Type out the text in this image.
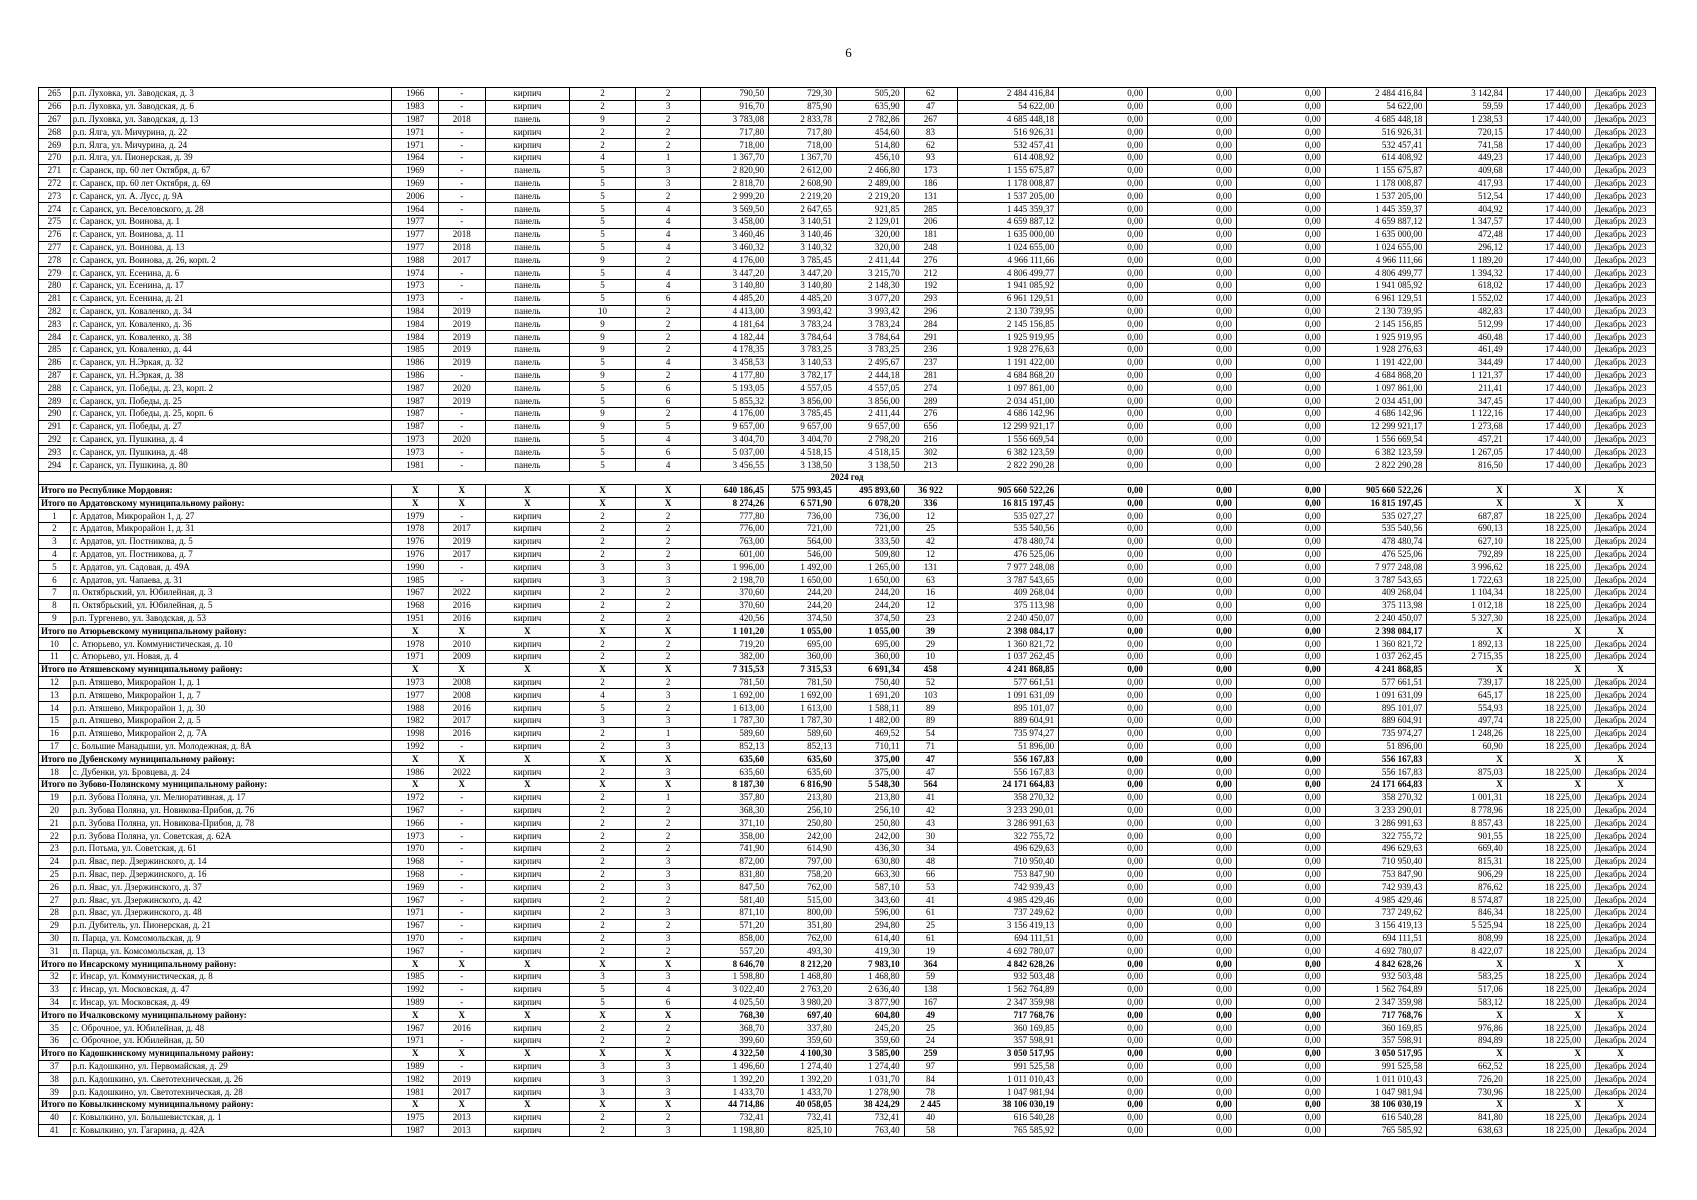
6
265	р.п. Луховка, ул. Заводская, д. 3	1966	-	кирпич	2	2	790,50	729,30	505,20	62	2 484 416,84	0,00	0,00	0,00	2 484 416,84	3 142,84	17 440,00	Декабрь 2023
266	р.п. Луховка, ул. Заводская, д. 6	1983	-	кирпич	2	3	916,70	875,90	635,90	47	54 622,00	0,00	0,00	0,00	54 622,00	59,59	17 440,00	Декабрь 2023
267	р.п. Луховка, ул. Заводская, д. 13	1987	2018	панель	9	2	3 783,08	2 833,78	2 782,86	267	4 685 448,18	0,00	0,00	0,00	4 685 448,18	1 238,53	17 440,00	Декабрь 2023
268	р.п. Ялга, ул. Мичурина, д. 22	1971	-	кирпич	2	2	717,80	717,80	454,60	83	516 926,31	0,00	0,00	0,00	516 926,31	720,15	17 440,00	Декабрь 2023
269	р.п. Ялга, ул. Мичурина, д. 24	1971	-	кирпич	2	2	718,00	718,00	514,80	62	532 457,41	0,00	0,00	0,00	532 457,41	741,58	17 440,00	Декабрь 2023
270	р.п. Ялга, ул. Пионерская, д. 39	1964	-	кирпич	4	1	1 367,70	1 367,70	456,10	93	614 408,92	0,00	0,00	0,00	614 408,92	449,23	17 440,00	Декабрь 2023
271	г. Саранск, пр. 60 лет Октября, д. 67	1969	-	панель	5	3	2 820,90	2 612,00	2 466,80	173	1 155 675,87	0,00	0,00	0,00	1 155 675,87	409,68	17 440,00	Декабрь 2023
272	г. Саранск, пр. 60 лет Октября, д. 69	1969	-	панель	5	3	2 818,70	2 608,90	2 489,00	186	1 178 008,87	0,00	0,00	0,00	1 178 008,87	417,93	17 440,00	Декабрь 2023
273	г. Саранск, ул. А. Лусс, д. 9А	2006	-	панель	5	2	2 999,20	2 219,20	2 219,20	131	1 537 205,00	0,00	0,00	0,00	1 537 205,00	512,54	17 440,00	Декабрь 2023
274	г. Саранск, ул. Веселовского, д. 28	1964	-	панель	5	4	3 569,50	2 647,65	921,85	285	1 445 359,37	0,00	0,00	0,00	1 445 359,37	404,92	17 440,00	Декабрь 2023
275	г. Саранск, ул. Воинова, д. 1	1977	-	панель	5	4	3 458,00	3 140,51	2 129,01	206	4 659 887,12	0,00	0,00	0,00	4 659 887,12	1 347,57	17 440,00	Декабрь 2023
276	г. Саранск, ул. Воинова, д. 11	1977	2018	панель	5	4	3 460,46	3 140,46	320,00	181	1 635 000,00	0,00	0,00	0,00	1 635 000,00	472,48	17 440,00	Декабрь 2023
277	г. Саранск, ул. Воинова, д. 13	1977	2018	панель	5	4	3 460,32	3 140,32	320,00	248	1 024 655,00	0,00	0,00	0,00	1 024 655,00	296,12	17 440,00	Декабрь 2023
278	г. Саранск, ул. Воинова, д. 26, корп. 2	1988	2017	панель	9	2	4 176,00	3 785,45	2 411,44	276	4 966 111,66	0,00	0,00	0,00	4 966 111,66	1 189,20	17 440,00	Декабрь 2023
279	г. Саранск, ул. Есенина, д. 6	1974	-	панель	5	4	3 447,20	3 447,20	3 215,70	212	4 806 499,77	0,00	0,00	0,00	4 806 499,77	1 394,32	17 440,00	Декабрь 2023
280	г. Саранск, ул. Есенина, д. 17	1973	-	панель	5	4	3 140,80	3 140,80	2 148,30	192	1 941 085,92	0,00	0,00	0,00	1 941 085,92	618,02	17 440,00	Декабрь 2023
281	г. Саранск, ул. Есенина, д. 21	1973	-	панель	5	6	4 485,20	4 485,20	3 077,20	293	6 961 129,51	0,00	0,00	0,00	6 961 129,51	1 552,02	17 440,00	Декабрь 2023
282	г. Саранск, ул. Коваленко, д. 34	1984	2019	панель	10	2	4 413,00	3 993,42	3 993,42	296	2 130 739,95	0,00	0,00	0,00	2 130 739,95	482,83	17 440,00	Декабрь 2023
283	г. Саранск, ул. Коваленко, д. 36	1984	2019	панель	9	2	4 181,64	3 783,24	3 783,24	284	2 145 156,85	0,00	0,00	0,00	2 145 156,85	512,99	17 440,00	Декабрь 2023
284	г. Саранск, ул. Коваленко, д. 38	1984	2019	панель	9	2	4 182,44	3 784,64	3 784,64	291	1 925 919,95	0,00	0,00	0,00	1 925 919,95	460,48	17 440,00	Декабрь 2023
285	г. Саранск, ул. Коваленко, д. 44	1985	2019	панель	9	2	4 178,35	3 783,25	3 783,25	236	1 928 276,63	0,00	0,00	0,00	1 928 276,63	461,49	17 440,00	Декабрь 2023
286	г. Саранск, ул. Н.Эркая, д. 32	1986	2019	панель	5	4	3 458,53	3 140,53	2 495,67	237	1 191 422,00	0,00	0,00	0,00	1 191 422,00	344,49	17 440,00	Декабрь 2023
287	г. Саранск, ул. Н.Эркая, д. 38	1986	-	панель	9	2	4 177,80	3 782,17	2 444,18	281	4 684 868,20	0,00	0,00	0,00	4 684 868,20	1 121,37	17 440,00	Декабрь 2023
288	г. Саранск, ул. Победы, д. 23, корп. 2	1987	2020	панель	5	6	5 193,05	4 557,05	4 557,05	274	1 097 861,00	0,00	0,00	0,00	1 097 861,00	211,41	17 440,00	Декабрь 2023
289	г. Саранск, ул. Победы, д. 25	1987	2019	панель	5	6	5 855,32	3 856,00	3 856,00	289	2 034 451,00	0,00	0,00	0,00	2 034 451,00	347,45	17 440,00	Декабрь 2023
290	г. Саранск, ул. Победы, д. 25, корп. 6	1987	-	панель	9	2	4 176,00	3 785,45	2 411,44	276	4 686 142,96	0,00	0,00	0,00	4 686 142,96	1 122,16	17 440,00	Декабрь 2023
291	г. Саранск, ул. Победы, д. 27	1987	-	панель	9	5	9 657,00	9 657,00	9 657,00	656	12 299 921,17	0,00	0,00	0,00	12 299 921,17	1 273,68	17 440,00	Декабрь 2023
292	г. Саранск, ул. Пушкина, д. 4	1973	2020	панель	5	4	3 404,70	3 404,70	2 798,20	216	1 556 669,54	0,00	0,00	0,00	1 556 669,54	457,21	17 440,00	Декабрь 2023
293	г. Саранск, ул. Пушкина, д. 48	1973	-	панель	5	6	5 037,00	4 518,15	4 518,15	302	6 382 123,59	0,00	0,00	0,00	6 382 123,59	1 267,05	17 440,00	Декабрь 2023
294	г. Саранск, ул. Пушкина, д. 80	1981	-	панель	5	4	3 456,55	3 138,50	3 138,50	213	2 822 290,28	0,00	0,00	0,00	2 822 290,28	816,50	17 440,00	Декабрь 2023
2024 год																		
Итого по Республике Мордовия:		X	X	X	X	X	640 186,45	575 993,45	495 893,60	36 922	905 660 522,26	0,00	0,00	0,00	905 660 522,26	X	X	X
Итого по Ардатовскому муниципальному району:		X	X	X	X	X	8 274,26	6 571,90	6 078,20	336	16 815 197,45	0,00	0,00	0,00	16 815 197,45	X	X	X
1	г. Ардатов, Микрорайон 1, д. 27	1979	-	кирпич	2	2	777,80	736,00	736,00	12	535 027,27	0,00	0,00	0,00	535 027,27	687,87	18 225,00	Декабрь 2024
2	г. Ардатов, Микрорайон 1, д. 31	1978	2017	кирпич	2	2	776,00	721,00	721,00	25	535 540,56	0,00	0,00	0,00	535 540,56	690,13	18 225,00	Декабрь 2024
3	г. Ардатов, ул. Постникова, д. 5	1976	2019	кирпич	2	2	763,00	564,00	333,50	42	478 480,74	0,00	0,00	0,00	478 480,74	627,10	18 225,00	Декабрь 2024
4	г. Ардатов, ул. Постникова, д. 7	1976	2017	кирпич	2	2	601,00	546,00	509,80	12	476 525,06	0,00	0,00	0,00	476 525,06	792,89	18 225,00	Декабрь 2024
5	г. Ардатов, ул. Садовая, д. 49А	1990	-	кирпич	3	3	1 996,00	1 492,00	1 265,00	131	7 977 248,08	0,00	0,00	0,00	7 977 248,08	3 996,62	18 225,00	Декабрь 2024
6	г. Ардатов, ул. Чапаева, д. 31	1985	-	кирпич	3	3	2 198,70	1 650,00	1 650,00	63	3 787 543,65	0,00	0,00	0,00	3 787 543,65	1 722,63	18 225,00	Декабрь 2024
7	п. Октябрьский, ул. Юбилейная, д. 3	1967	2022	кирпич	2	2	370,60	244,20	244,20	16	409 268,04	0,00	0,00	0,00	409 268,04	1 104,34	18 225,00	Декабрь 2024
8	п. Октябрьский, ул. Юбилейная, д. 5	1968	2016	кирпич	2	2	370,60	244,20	244,20	12	375 113,98	0,00	0,00	0,00	375 113,98	1 012,18	18 225,00	Декабрь 2024
9	р.п. Тургенево, ул. Заводская, д. 53	1951	2016	кирпич	2	2	420,56	374,50	374,50	23	2 240 450,07	0,00	0,00	0,00	2 240 450,07	5 327,30	18 225,00	Декабрь 2024
Итого по Атюрьевскому муниципальному району:		X	X	X	X	X	1 101,20	1 055,00	1 055,00	39	2 398 084,17	0,00	0,00	0,00	2 398 084,17	X	X	X
10	с. Атюрьево, ул. Коммунистическая, д. 10	1978	2010	кирпич	2	2	719,20	695,00	695,00	29	1 360 821,72	0,00	0,00	0,00	1 360 821,72	1 892,13	18 225,00	Декабрь 2024
11	с. Атюрьево, ул. Новая, д. 4	1971	2009	кирпич	2	2	382,00	360,00	360,00	10	1 037 262,45	0,00	0,00	0,00	1 037 262,45	2 715,35	18 225,00	Декабрь 2024
Итого по Атяшевскому муниципальному району:		X	X	X	X	X	7 315,53	7 315,53	6 691,34	458	4 241 868,85	0,00	0,00	0,00	4 241 868,85	X	X	X
12	р.п. Атяшево, Микрорайон 1, д. 1	1973	2008	кирпич	2	2	781,50	781,50	750,40	52	577 661,51	0,00	0,00	0,00	577 661,51	739,17	18 225,00	Декабрь 2024
13	р.п. Атяшево, Микрорайон 1, д. 7	1977	2008	кирпич	4	3	1 692,00	1 692,00	1 691,20	103	1 091 631,09	0,00	0,00	0,00	1 091 631,09	645,17	18 225,00	Декабрь 2024
14	р.п. Атяшево, Микрорайон 1, д. 30	1988	2016	кирпич	5	2	1 613,00	1 613,00	1 588,11	89	895 101,07	0,00	0,00	0,00	895 101,07	554,93	18 225,00	Декабрь 2024
15	р.п. Атяшево, Микрорайон 2, д. 5	1982	2017	кирпич	3	3	1 787,30	1 787,30	1 482,00	89	889 604,91	0,00	0,00	0,00	889 604,91	497,74	18 225,00	Декабрь 2024
16	р.п. Атяшево, Микрорайон 2, д. 7А	1998	2016	кирпич	2	1	589,60	589,60	469,52	54	735 974,27	0,00	0,00	0,00	735 974,27	1 248,26	18 225,00	Декабрь 2024
17	с. Большие Манадыши, ул. Молодежная, д. 8А	1992	-	кирпич	2	3	852,13	852,13	710,11	71	51 896,00	0,00	0,00	0,00	51 896,00	60,90	18 225,00	Декабрь 2024
Итого по Дубенскому муниципальному району:		X	X	X	X	X	635,60	635,60	375,00	47	556 167,83	0,00	0,00	0,00	556 167,83	X	X	X
18	с. Дубенки, ул. Бровцева, д. 24	1986	2022	кирпич	2	3	635,60	635,60	375,00	47	556 167,83	0,00	0,00	0,00	556 167,83	875,03	18 225,00	Декабрь 2024
Итого по Зубово-Полянскому муниципальному району:		X	X	X	X	X	8 187,30	6 816,90	5 548,30	564	24 171 664,83	0,00	0,00	0,00	24 171 664,83	X	X	X
19	р.п. Зубова Поляна, ул. Мелиоративная, д. 17	1972	-	кирпич	2	1	357,80	213,80	213,80	41	358 270,32	0,00	0,00	0,00	358 270,32	1 001,31	18 225,00	Декабрь 2024
20	р.п. Зубова Поляна, ул. Новикова-Прибоя, д. 76	1967	-	кирпич	2	2	368,30	256,10	256,10	42	3 233 290,01	0,00	0,00	0,00	3 233 290,01	8 778,96	18 225,00	Декабрь 2024
21	р.п. Зубова Поляна, ул. Новикова-Прибоя, д. 78	1966	-	кирпич	2	2	371,10	250,80	250,80	43	3 286 991,63	0,00	0,00	0,00	3 286 991,63	8 857,43	18 225,00	Декабрь 2024
22	р.п. Зубова Поляна, ул. Советская, д. 62А	1973	-	кирпич	2	2	358,00	242,00	242,00	30	322 755,72	0,00	0,00	0,00	322 755,72	901,55	18 225,00	Декабрь 2024
23	р.п. Потьма, ул. Советская, д. 61	1970	-	кирпич	2	2	741,90	614,90	436,30	34	496 629,63	0,00	0,00	0,00	496 629,63	669,40	18 225,00	Декабрь 2024
24	р.п. Явас, пер. Дзержинского, д. 14	1968	-	кирпич	2	3	872,00	797,00	630,80	48	710 950,40	0,00	0,00	0,00	710 950,40	815,31	18 225,00	Декабрь 2024
25	р.п. Явас, пер. Дзержинского, д. 16	1968	-	кирпич	2	3	831,80	758,20	663,30	66	753 847,90	0,00	0,00	0,00	753 847,90	906,29	18 225,00	Декабрь 2024
26	р.п. Явас, ул. Дзержинского, д. 37	1969	-	кирпич	2	3	847,50	762,00	587,10	53	742 939,43	0,00	0,00	0,00	742 939,43	876,62	18 225,00	Декабрь 2024
27	р.п. Явас, ул. Дзержинского, д. 42	1967	-	кирпич	2	2	581,40	515,00	343,60	41	4 985 429,46	0,00	0,00	0,00	4 985 429,46	8 574,87	18 225,00	Декабрь 2024
28	р.п. Явас, ул. Дзержинского, д. 48	1971	-	кирпич	2	3	871,10	800,00	596,00	61	737 249,62	0,00	0,00	0,00	737 249,62	846,34	18 225,00	Декабрь 2024
29	р.п. Дубитель, ул. Пионерская, д. 21	1967	-	кирпич	2	2	571,20	351,80	294,80	25	3 156 419,13	0,00	0,00	0,00	3 156 419,13	5 525,94	18 225,00	Декабрь 2024
30	п. Парца, ул. Комсомольская, д. 9	1970	-	кирпич	2	3	858,00	762,00	614,40	61	694 111,51	0,00	0,00	0,00	694 111,51	808,99	18 225,00	Декабрь 2024
31	п. Парца, ул. Комсомольская, д. 13	1967	-	кирпич	2	2	557,20	493,30	419,30	19	4 692 780,07	0,00	0,00	0,00	4 692 780,07	8 422,07	18 225,00	Декабрь 2024
Итого по Инсарскому муниципальному району:		X	X	X	X	X	8 646,70	8 212,20	7 983,10	364	4 842 628,26	0,00	0,00	0,00	4 842 628,26	X	X	X
32	г. Инсар, ул. Коммунистическая, д. 8	1985	-	кирпич	3	3	1 598,80	1 468,80	1 468,80	59	932 503,48	0,00	0,00	0,00	932 503,48	583,25	18 225,00	Декабрь 2024
33	г. Инсар, ул. Московская, д. 47	1992	-	кирпич	5	4	3 022,40	2 763,20	2 636,40	138	1 562 764,89	0,00	0,00	0,00	1 562 764,89	517,06	18 225,00	Декабрь 2024
34	г. Инсар, ул. Московская, д. 49	1989	-	кирпич	5	6	4 025,50	3 980,20	3 877,90	167	2 347 359,98	0,00	0,00	0,00	2 347 359,98	583,12	18 225,00	Декабрь 2024
Итого по Ичалковскому муниципальному району:		X	X	X	X	X	768,30	697,40	604,80	49	717 768,76	0,00	0,00	0,00	717 768,76	X	X	X
35	с. Оброчное, ул. Юбилейная, д. 48	1967	2016	кирпич	2	2	368,70	337,80	245,20	25	360 169,85	0,00	0,00	0,00	360 169,85	976,86	18 225,00	Декабрь 2024
36	с. Оброчное, ул. Юбилейная, д. 50	1971	-	кирпич	2	2	399,60	359,60	359,60	24	357 598,91	0,00	0,00	0,00	357 598,91	894,89	18 225,00	Декабрь 2024
Итого по Кадошкинскому муниципальному району:		X	X	X	X	X	4 322,50	4 100,30	3 585,00	259	3 050 517,95	0,00	0,00	0,00	3 050 517,95	X	X	X
37	р.п. Кадошкино, ул. Первомайская, д. 29	1989	-	кирпич	3	3	1 496,60	1 274,40	1 274,40	97	991 525,58	0,00	0,00	0,00	991 525,58	662,52	18 225,00	Декабрь 2024
38	р.п. Кадошкино, ул. Светотехническая, д. 26	1982	2019	кирпич	3	3	1 392,20	1 392,20	1 031,70	84	1 011 010,43	0,00	0,00	0,00	1 011 010,43	726,20	18 225,00	Декабрь 2024
39	р.п. Кадошкино, ул. Светотехническая, д. 28	1981	2017	кирпич	3	3	1 433,70	1 433,70	1 278,90	78	1 047 981,94	0,00	0,00	0,00	1 047 981,94	730,96	18 225,00	Декабрь 2024
Итого по Ковылкинскому муниципальному району:		X	X	X	X	X	44 714,86	40 058,05	38 424,29	2 445	38 106 030,19	0,00	0,00	0,00	38 106 030,19	X	X	X
40	г. Ковылкино, ул. Большевистская, д. 1	1975	2013	кирпич	2	2	732,41	732,41	732,41	40	616 540,28	0,00	0,00	0,00	616 540,28	841,80	18 225,00	Декабрь 2024
41	г. Ковылкино, ул. Гагарина, д. 42А	1987	2013	кирпич	2	3	1 198,80	825,10	763,40	58	765 585,92	0,00	0,00	0,00	765 585,92	638,63	18 225,00	Декабрь 2024
